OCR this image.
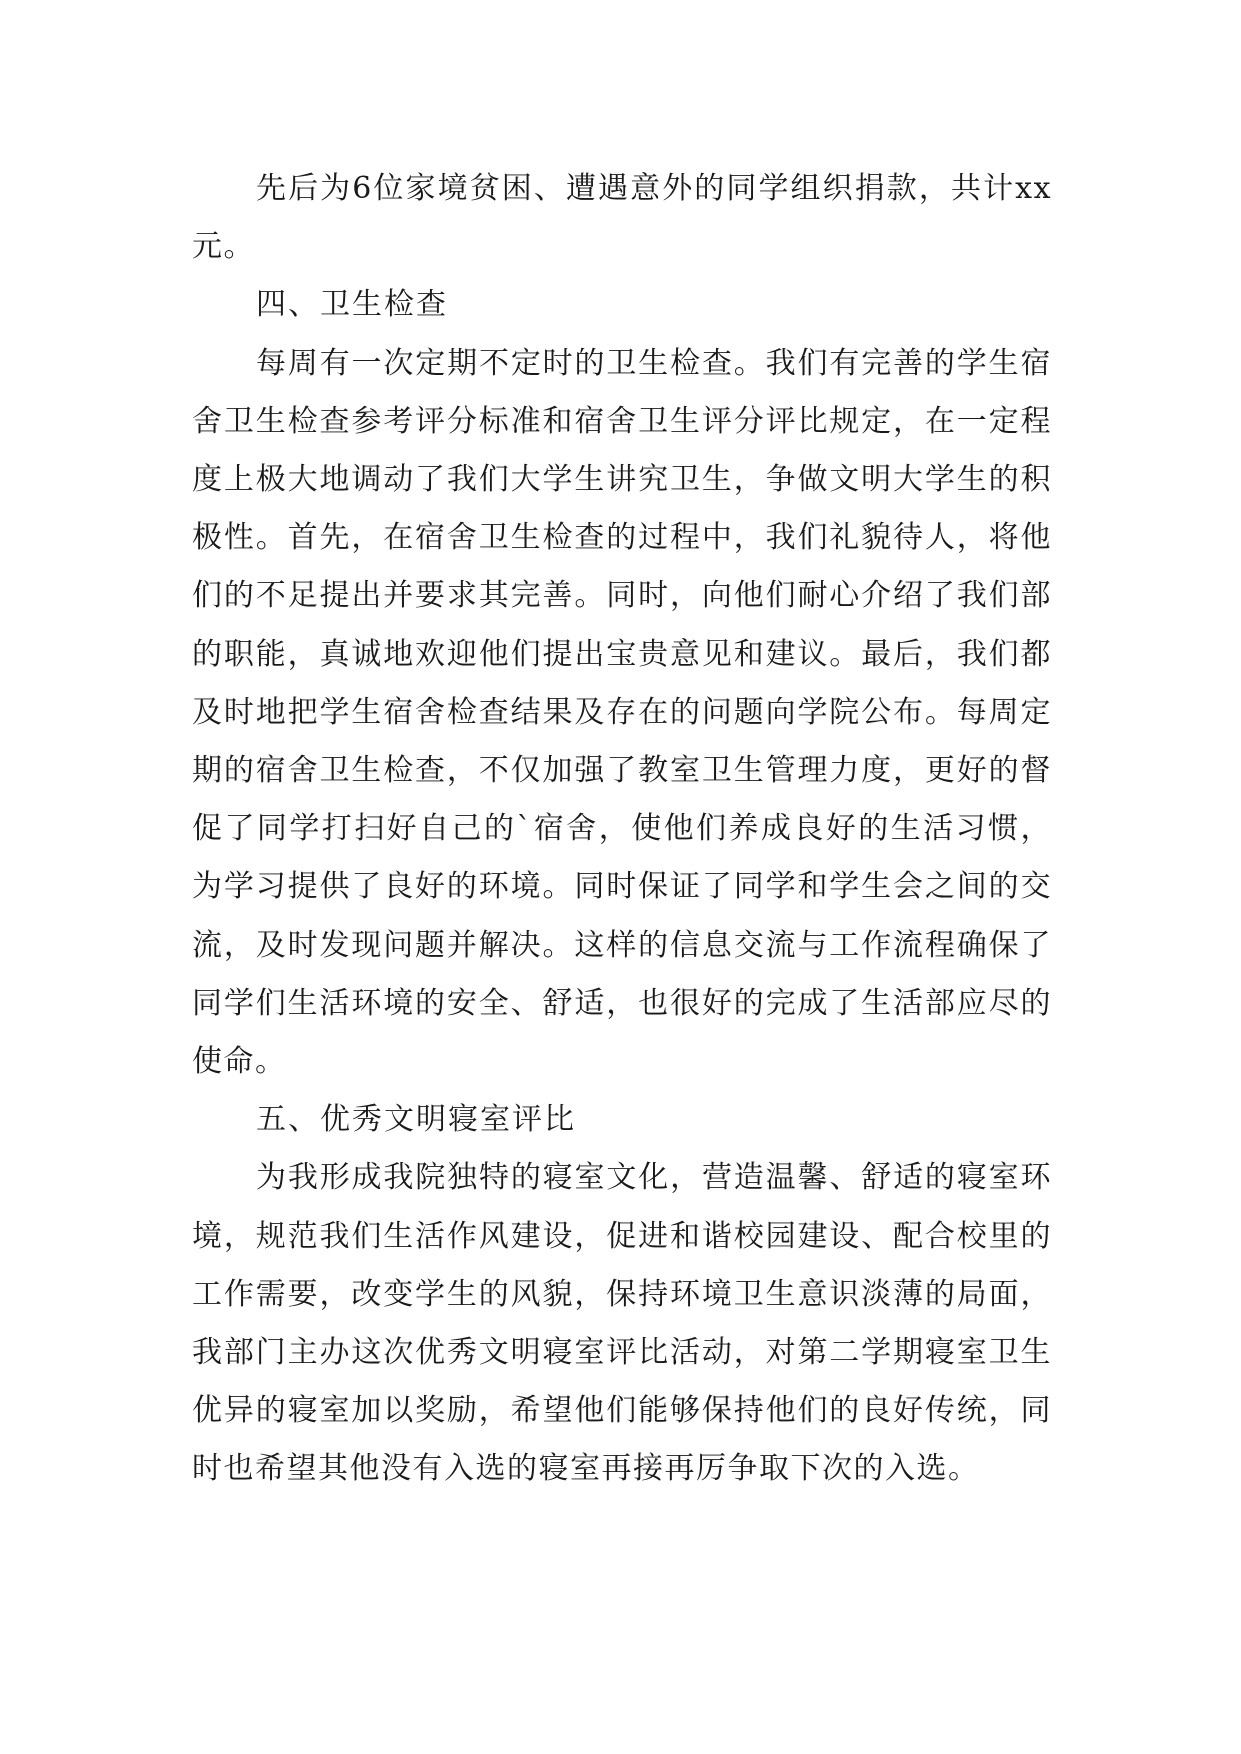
先后为6位家境贫困、遭遇意外的同学组织捐款，共计xx元。

四、卫生检查

每周有一次定期不定时的卫生检查。我们有完善的学生宿舍卫生检查参考评分标准和宿舍卫生评分评比规定，在一定程度上极大地调动了我们大学生讲究卫生，争做文明大学生的积极性。首先，在宿舍卫生检查的过程中，我们礼貌待人，将他们的不足提出并要求其完善。同时，向他们耐心介绍了我们部的职能，真诚地欢迎他们提出宝贵意见和建议。最后，我们都及时地把学生宿舍检查结果及存在的问题向学院公布。每周定期的宿舍卫生检查，不仅加强了教室卫生管理力度，更好的督促了同学打扫好自己的`宿舍，使他们养成良好的生活习惯，为学习提供了良好的环境。同时保证了同学和学生会之间的交流，及时发现问题并解决。这样的信息交流与工作流程确保了同学们生活环境的安全、舒适，也很好的完成了生活部应尽的使命。

五、优秀文明寝室评比

为我形成我院独特的寝室文化，营造温馨、舒适的寝室环境，规范我们生活作风建设，促进和谐校园建设、配合校里的工作需要，改变学生的风貌，保持环境卫生意识淡薄的局面，我部门主办这次优秀文明寝室评比活动，对第二学期寝室卫生优异的寝室加以奖励，希望他们能够保持他们的良好传统，同时也希望其他没有入选的寝室再接再厉争取下次的入选。
